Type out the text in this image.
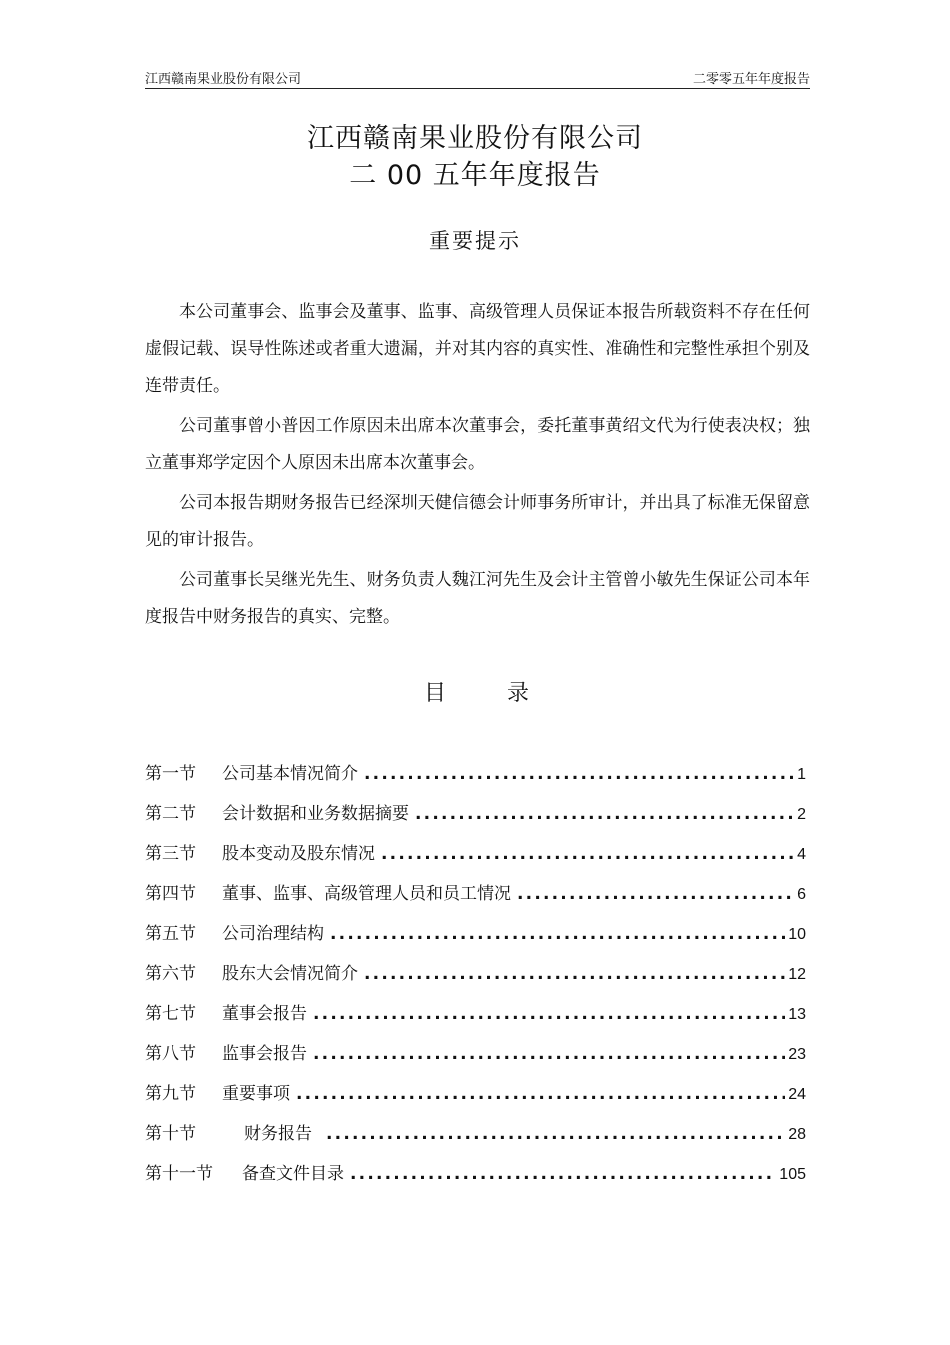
江西赣南果业股份有限公司	二零零五年年度报告
江西赣南果业股份有限公司
二 00 五年年度报告
重要提示

本公司董事会、监事会及董事、监事、高级管理人员保证本报告所载资料不存在任何虚假记载、误导性陈述或者重大遗漏，并对其内容的真实性、准确性和完整性承担个别及连带责任。

公司董事曾小普因工作原因未出席本次董事会，委托董事黄绍文代为行使表决权；独立董事郑学定因个人原因未出席本次董事会。

公司本报告期财务报告已经深圳天健信德会计师事务所审计，并出具了标准无保留意见的审计报告。

公司董事长吴继光先生、财务负责人魏江河先生及会计主管曾小敏先生保证公司本年度报告中财务报告的真实、完整。

目	录
第一节	公司基本情况简介 .....	1
第二节	会计数据和业务数据摘要 .....	2
第三节	股本变动及股东情况 .....	4
第四节	董事、监事、高级管理人员和员工情况 .....	6
第五节	公司治理结构 .....	10
第六节	股东大会情况简介 .....	12
第七节	董事会报告 .....	13
第八节	监事会报告 .....	23
第九节	重要事项 .....	24
第十节	财务报告 .....	28
第十一节	备查文件目录 .....	105
